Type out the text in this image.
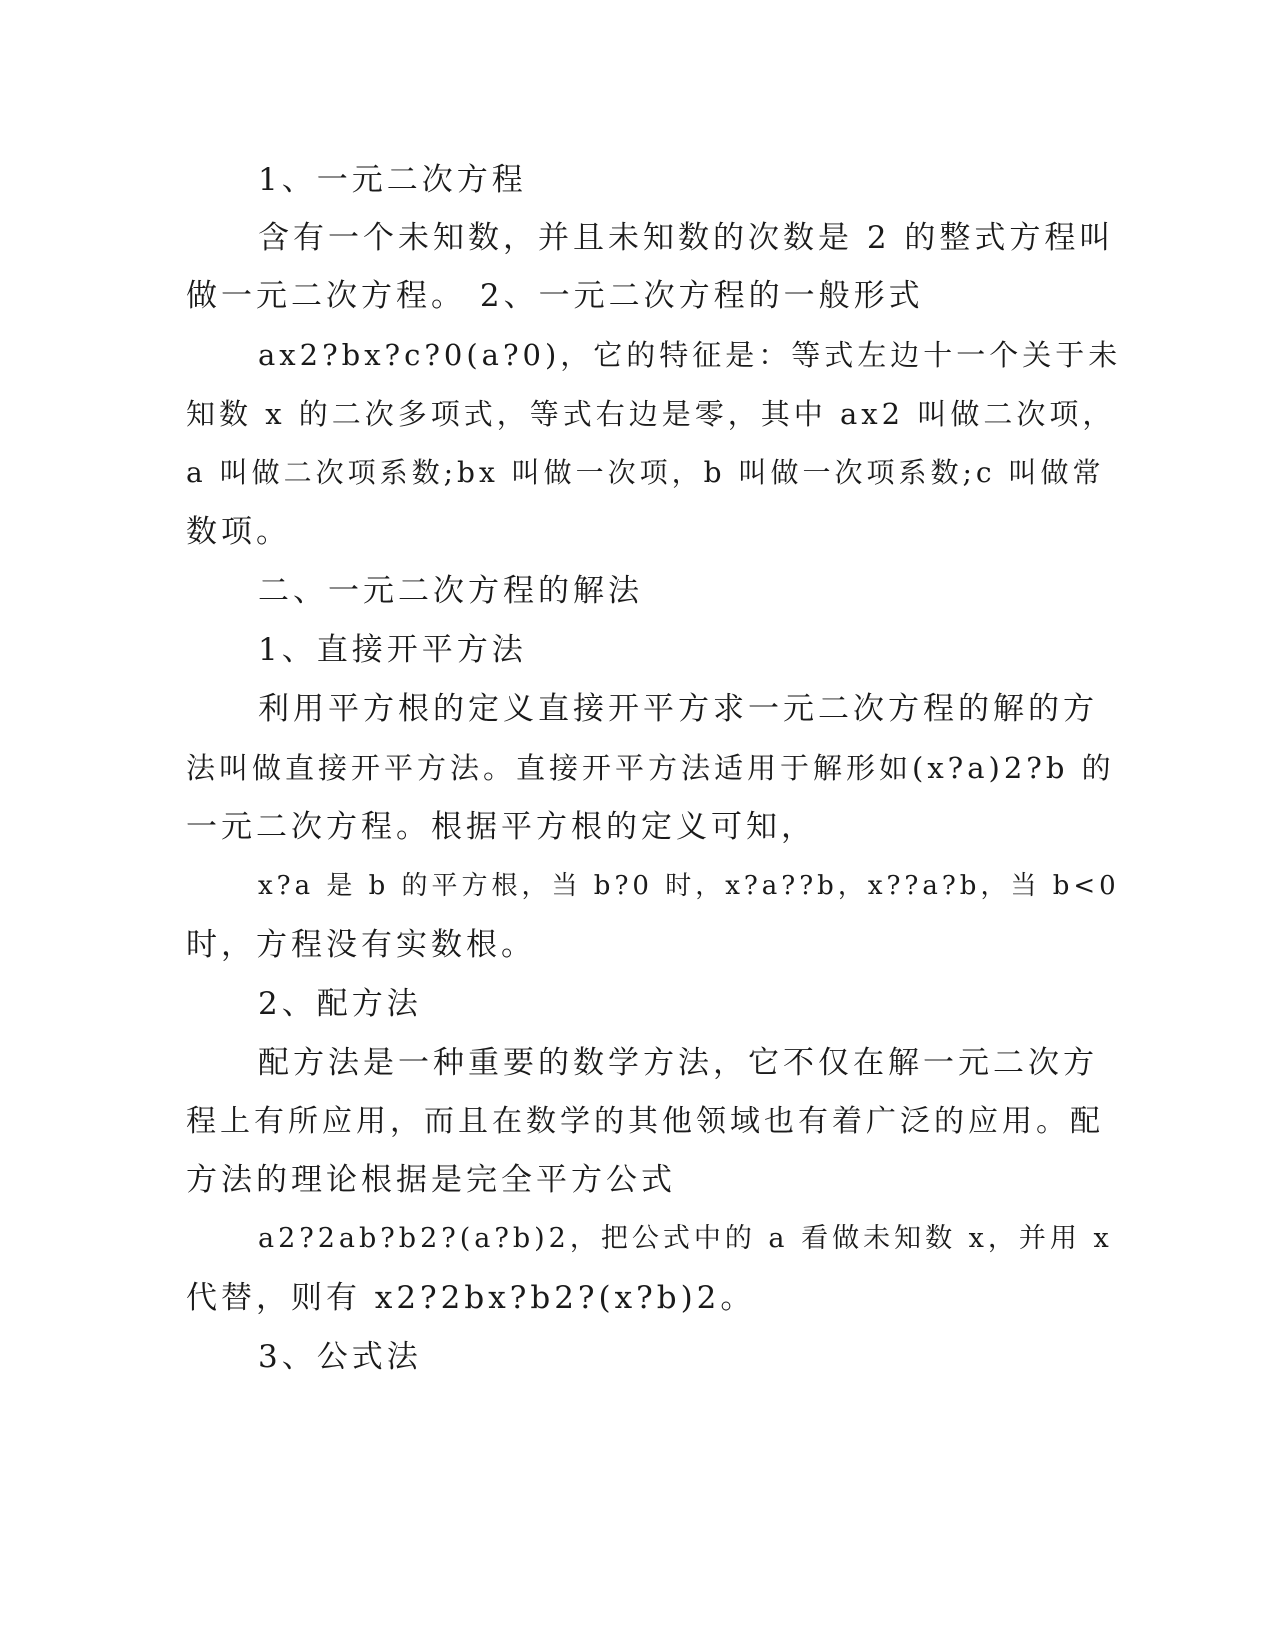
1、一元二次方程
含有一个未知数，并且未知数的次数是 2 的整式方程叫
做一元二次方程。 2、一元二次方程的一般形式
ax2?bx?c?0(a?0)，它的特征是：等式左边十一个关于未
知数 x 的二次多项式，等式右边是零，其中 ax2 叫做二次项，
a 叫做二次项系数;bx 叫做一次项，b 叫做一次项系数;c 叫做常
数项。
二、一元二次方程的解法
1、直接开平方法
利用平方根的定义直接开平方求一元二次方程的解的方
法叫做直接开平方法。直接开平方法适用于解形如(x?a)2?b 的
一元二次方程。根据平方根的定义可知，
x?a 是 b 的平方根，当 b?0 时，x?a??b，x??a?b，当 b<0
时，方程没有实数根。
2、配方法
配方法是一种重要的数学方法，它不仅在解一元二次方
程上有所应用，而且在数学的其他领域也有着广泛的应用。配
方法的理论根据是完全平方公式
a2?2ab?b2?(a?b)2，把公式中的 a 看做未知数 x，并用 x
代替，则有 x2?2bx?b2?(x?b)2。
3、公式法
